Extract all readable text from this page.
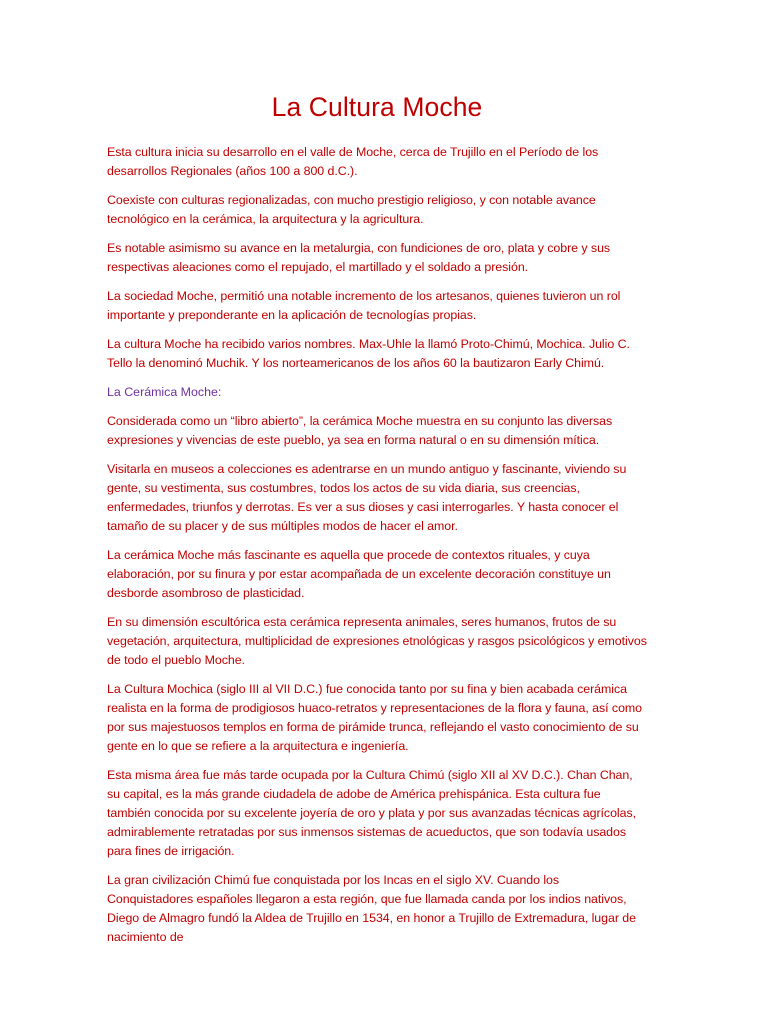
La Cultura Moche

Esta cultura inicia su desarrollo en el valle de Moche, cerca de Trujillo en el Período de los desarrollos Regionales (años 100 a 800 d.C.).

Coexiste con culturas regionalizadas, con mucho prestigio religioso, y con notable avance tecnológico en la cerámica, la arquitectura y la agricultura.

Es notable asimismo su avance en la metalurgia, con fundiciones de oro, plata y cobre y sus respectivas aleaciones como el repujado, el martillado y el soldado a presión.

La sociedad Moche, permitió una notable incremento de los artesanos, quienes tuvieron un rol importante y preponderante en la aplicación de tecnologías propias.

La cultura Moche ha recibido varios nombres. Max-Uhle la llamó Proto-Chimú, Mochica. Julio C. Tello la denominó Muchik. Y los norteamericanos de los años 60 la bautizaron Early Chimú.

La Cerámica Moche:

Considerada como un “libro abierto”, la cerámica Moche muestra en su conjunto las diversas expresiones y vivencias de este pueblo, ya sea en forma natural o en su dimensión mítica.

Visitarla en museos a colecciones es adentrarse en un mundo antiguo y fascinante, viviendo su gente, su vestimenta, sus costumbres, todos los actos de su vida diaria, sus creencias, enfermedades, triunfos y derrotas. Es ver a sus dioses y casi interrogarles. Y hasta conocer el tamaño de su placer y de sus múltiples modos de hacer el amor.

La cerámica Moche más fascinante es aquella que procede de contextos rituales, y cuya elaboración, por su finura y por estar acompañada de un excelente decoración constituye un desborde asombroso de plasticidad.

En su dimensión escultórica esta cerámica representa animales, seres humanos, frutos de su vegetación, arquitectura, multiplicidad de expresiones etnológicas y rasgos psicológicos y emotivos de todo el pueblo Moche.

La Cultura Mochica (siglo III al VII D.C.) fue conocida tanto por su fina y bien acabada cerámica realista en la forma de prodigiosos huaco-retratos y representaciones de la flora y fauna, así como por sus majestuosos templos en forma de pirámide trunca, reflejando el vasto conocimiento de su gente en lo que se refiere a la arquitectura e ingeniería.

Esta misma área fue más tarde ocupada por la Cultura Chimú (siglo XII al XV D.C.). Chan Chan, su capital, es la más grande ciudadela de adobe de América prehispánica. Esta cultura fue también conocida por su excelente joyería de oro y plata y por sus avanzadas técnicas agrícolas, admirablemente retratadas por sus inmensos sistemas de acueductos, que son todavía usados para fines de irrigación.

La gran civilización Chimú fue conquistada por los Incas en el siglo XV. Cuando los Conquistadores españoles llegaron a esta región, que fue llamada canda por los indios nativos, Diego de Almagro fundó la Aldea de Trujillo en 1534, en honor a Trujillo de Extremadura, lugar de nacimiento de
